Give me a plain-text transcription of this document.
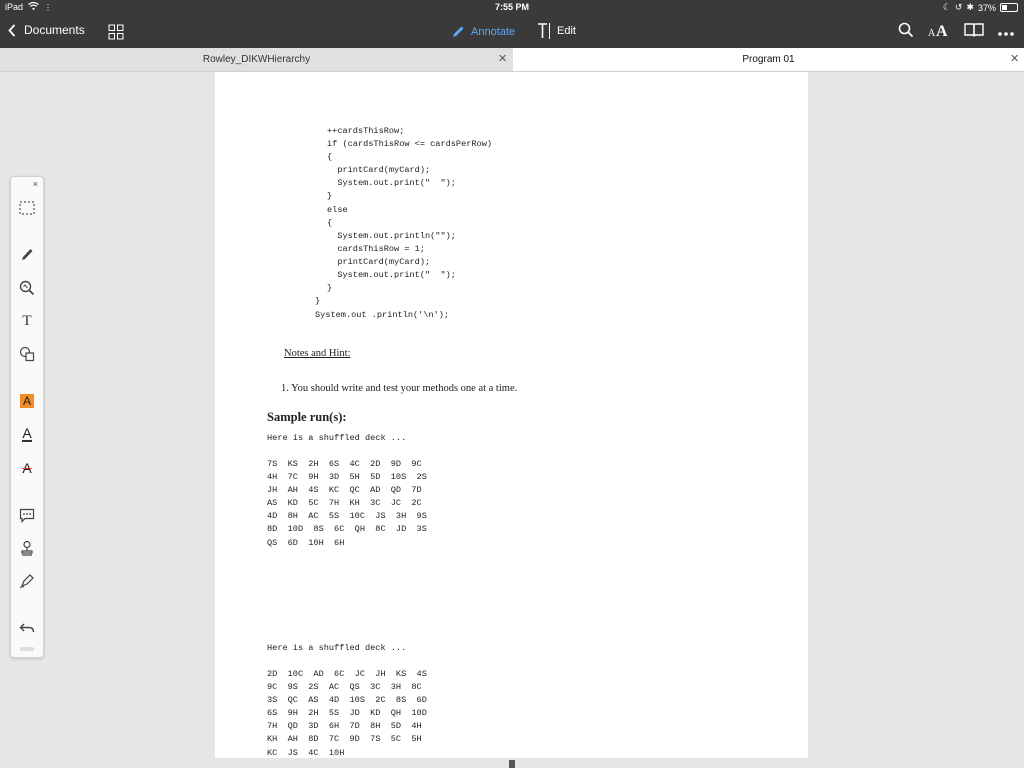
iPad	⋮	7:55 PM	☾ ↺ ✱ 37%
Documents	Annotate	Edit	A A
Rowley_DIKWHierarchy	✕	Program 01	✕
++cardsThisRow;
if (cardsThisRow <= cardsPerRow)
{
printCard(myCard);
System.out.print("  ");
}
else
{
System.out.println("");
cardsThisRow = 1;
printCard(myCard);
System.out.print("  ");
}
}
System.out .println('\n');
Notes and Hint:
1. You should write and test your methods one at a time.
Sample run(s):
Here is a shuffled deck ...
7S  KS  2H  6S  4C  2D  9D  9C
4H  7C  9H  3D  5H  5D  10S  2S
JH  AH  4S  KC  QC  AD  QD  7D
AS  KD  5C  7H  KH  3C  JC  2C
4D  8H  AC  5S  10C  JS  3H  9S
8D  10D  8S  6C  QH  8C  JD  3S
QS  6D  10H  6H
Here is a shuffled deck ...
2D  10C  AD  6C  JC  JH  KS  4S
9C  9S  2S  AC  QS  3C  3H  8C
3S  QC  AS  4D  10S  2C  8S  6D
6S  9H  2H  5S  JD  KD  QH  10D
7H  QD  3D  6H  7D  8H  5D  4H
KH  AH  8D  7C  9D  7S  5C  5H
KC  JS  4C  10H
×
T
A
A
A
